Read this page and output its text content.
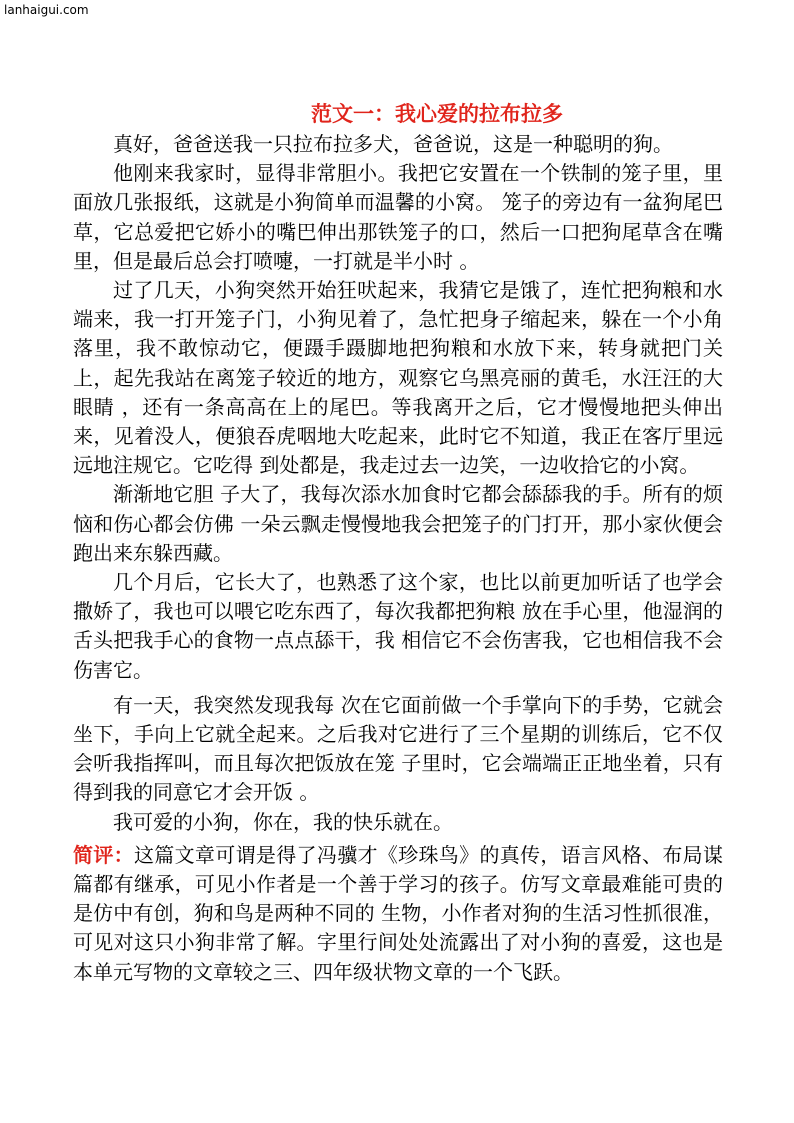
lanhaigui.com
范文一：我心爱的拉布拉多

真好，爸爸送我一只拉布拉多犬，爸爸说，这是一种聪明的狗。

他刚来我家时，显得非常胆小。我把它安置在一个铁制的笼子里，里面放几张报纸，这就是小狗简单而温馨的小窝。 笼子的旁边有一盆狗尾巴草，它总爱把它娇小的嘴巴伸出那铁笼子的口，然后一口把狗尾草含在嘴里，但是最后总会打喷嚏，一打就是半小时 。

过了几天，小狗突然开始狂吠起来，我猜它是饿了，连忙把狗粮和水端来，我一打开笼子门，小狗见着了，急忙把身子缩起来，躲在一个小角落里，我不敢惊动它，便蹑手蹑脚地把狗粮和水放下来，转身就把门关上，起先我站在离笼子较近的地方，观察它乌黑亮丽的黄毛，水汪汪的大眼睛 ，还有一条高高在上的尾巴。等我离开之后，它才慢慢地把头伸出来，见着没人，便狼吞虎咽地大吃起来，此时它不知道，我正在客厅里远远地注规它。它吃得 到处都是，我走过去一边笑，一边收拾它的小窝。

渐渐地它胆 子大了，我每次添水加食时它都会舔舔我的手。所有的烦恼和伤心都会仿佛 一朵云飘走慢慢地我会把笼子的门打开，那小家伙便会跑出来东躲西藏。

几个月后，它长大了，也熟悉了这个家，也比以前更加听话了也学会撒娇了，我也可以喂它吃东西了，每次我都把狗粮 放在手心里，他湿润的舌头把我手心的食物一点点舔干，我 相信它不会伤害我，它也相信我不会伤害它。

有一天，我突然发现我每 次在它面前做一个手掌向下的手势，它就会坐下，手向上它就全起来。之后我对它进行了三个星期的训练后，它不仅会听我指挥叫，而且每次把饭放在笼 子里时，它会端端正正地坐着，只有得到我的同意它才会开饭 。

我可爱的小狗，你在，我的快乐就在。

简评：这篇文章可谓是得了冯骥才《珍珠鸟》的真传，语言风格、布局谋篇都有继承，可见小作者是一个善于学习的孩子。仿写文章最难能可贵的是仿中有创，狗和鸟是两种不同的 生物，小作者对狗的生活习性抓很准，可见对这只小狗非常了解。字里行间处处流露出了对小狗的喜爱，这也是本单元写物的文章较之三、四年级状物文章的一个飞跃。
